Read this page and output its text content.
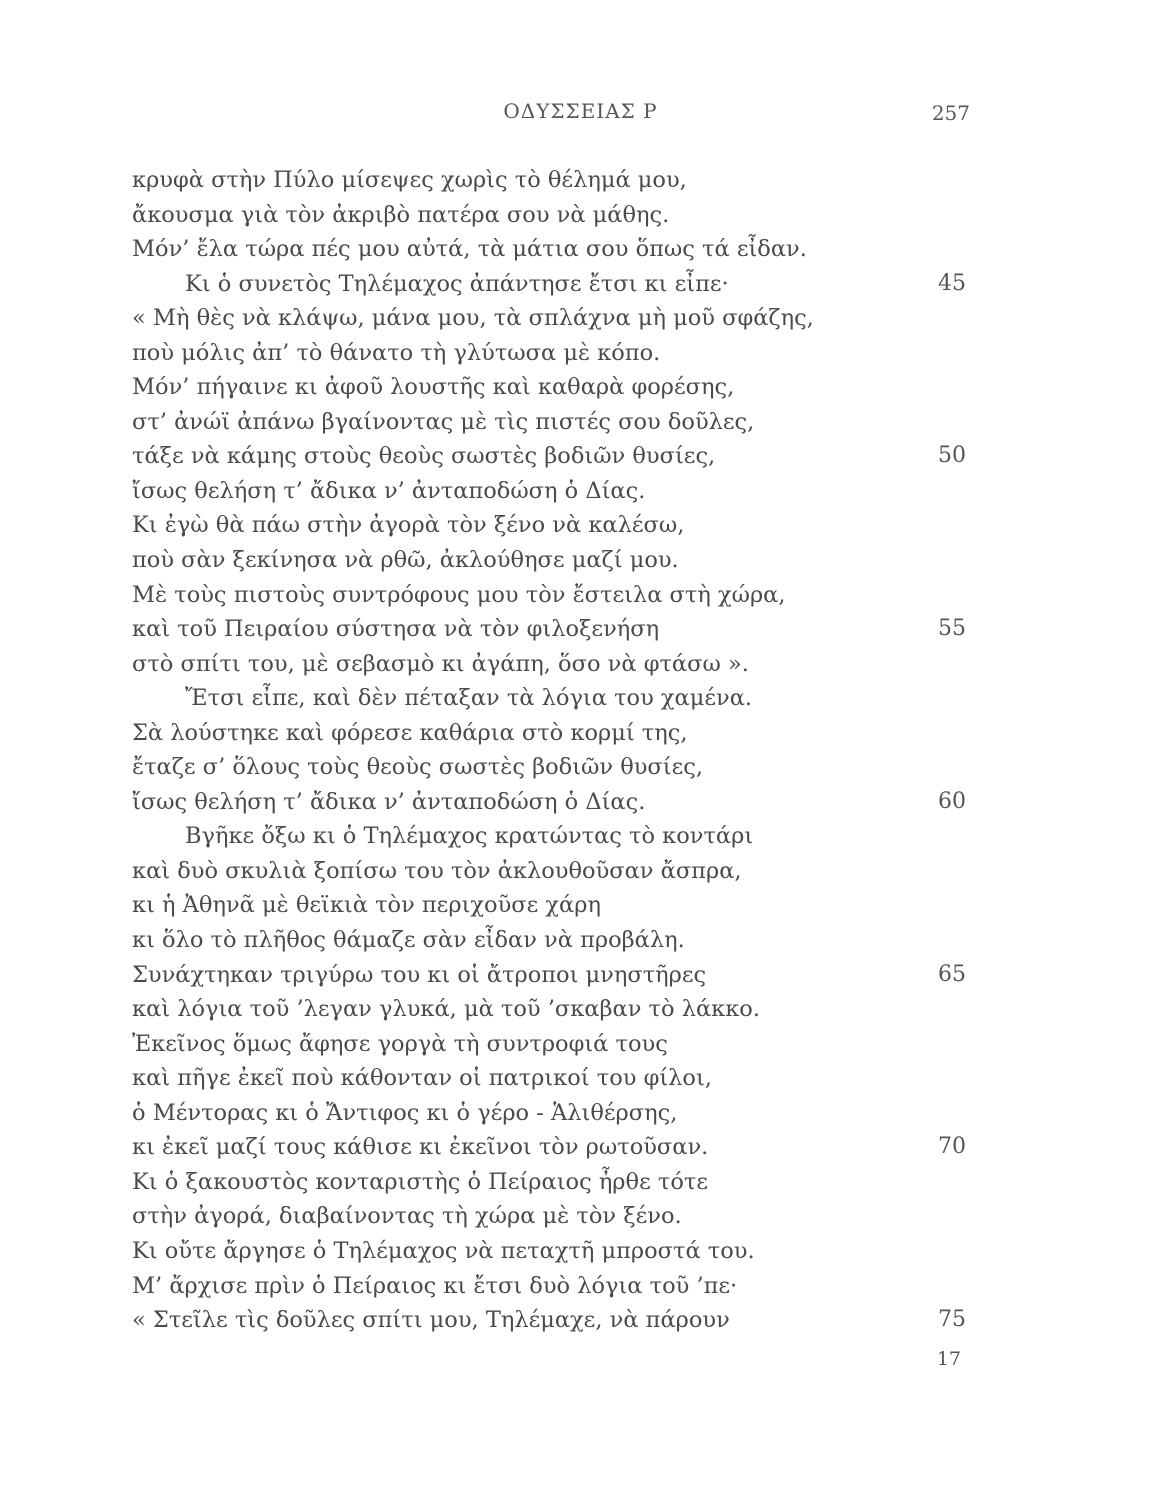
ΟΔΥΣΣΕΙΑΣ Ρ	257
κρυφὰ στὴν Πύλο μίσεψες χωρὶς τὸ θέλημά μου,
ἄκουσμα γιὰ τὸν ἀκριβὸ πατέρα σου νὰ μάθης.
Μόν’ ἔλα τώρα πές μου αὐτά, τὰ μάτια σου ὅπως τά εἶδαν.
Κι ὁ συνετὸς Τηλέμαχος ἀπάντησε ἔτσι κι εἶπε·	45
« Μὴ θὲς νὰ κλάψω, μάνα μου, τὰ σπλάχνα μὴ μοῦ σφάζης,
ποὺ μόλις ἀπ’ τὸ θάνατο τὴ γλύτωσα μὲ κόπο.
Μόν’ πήγαινε κι ἀφοῦ λουστῆς καὶ καθαρὰ φορέσης,
στ’ ἀνώϊ ἀπάνω βγαίνοντας μὲ τὶς πιστές σου δοῦλες,
τάξε νὰ κάμης στοὺς θεοὺς σωστὲς βοδιῶν θυσίες,	50
ἴσως θελήση τ’ ἄδικα ν’ ἀνταποδώση ὁ Δίας.
Κι ἐγὼ θὰ πάω στὴν ἀγορὰ τὸν ξένο νὰ καλέσω,
ποὺ σὰν ξεκίνησα νὰ ρθῶ, ἀκλούθησε μαζί μου.
Μὲ τοὺς πιστοὺς συντρόφους μου τὸν ἔστειλα στὴ χώρα,
καὶ τοῦ Πειραίου σύστησα νὰ τὸν φιλοξενήση	55
στὸ σπίτι του, μὲ σεβασμὸ κι ἀγάπη, ὅσο νὰ φτάσω ».
Ἔτσι εἶπε, καὶ δὲν πέταξαν τὰ λόγια του χαμένα.
Σὰ λούστηκε καὶ φόρεσε καθάρια στὸ κορμί της,
ἔταζε σ’ ὅλους τοὺς θεοὺς σωστὲς βοδιῶν θυσίες,
ἴσως θελήση τ’ ἄδικα ν’ ἀνταποδώση ὁ Δίας.	60
Βγῆκε ὄξω κι ὁ Τηλέμαχος κρατώντας τὸ κοντάρι
καὶ δυὸ σκυλιὰ ξοπίσω του τὸν ἀκλουθοῦσαν ἄσπρα,
κι ἡ Ἀθηνᾶ μὲ θεϊκιὰ τὸν περιχοῦσε χάρη
κι ὅλο τὸ πλῆθος θάμαζε σὰν εἶδαν νὰ προβάλη.
Συνάχτηκαν τριγύρω του κι οἱ ἄτροποι μνηστῆρες	65
καὶ λόγια τοῦ ’λεγαν γλυκά, μὰ τοῦ ’σκαβαν τὸ λάκκο.
Ἐκεῖνος ὅμως ἄφησε γοργὰ τὴ συντροφιά τους
καὶ πῆγε ἐκεῖ ποὺ κάθονταν οἱ πατρικοί του φίλοι,
ὁ Μέντορας κι ὁ Ἄντιφος κι ὁ γέρο - Ἁλιθέρσης,
κι ἐκεῖ μαζί τους κάθισε κι ἐκεῖνοι τὸν ρωτοῦσαν.	70
Κι ὁ ξακουστὸς κονταριστὴς ὁ Πείραιος ἦρθε τότε
στὴν ἀγορά, διαβαίνοντας τὴ χώρα μὲ τὸν ξένο.
Κι οὔτε ἄργησε ὁ Τηλέμαχος νὰ πεταχτῆ μπροστά του.
Μ’ ἄρχισε πρὶν ὁ Πείραιος κι ἔτσι δυὸ λόγια τοῦ ’πε·
« Στεῖλε τὶς δοῦλες σπίτι μου, Τηλέμαχε, νὰ πάρουν	75
17
